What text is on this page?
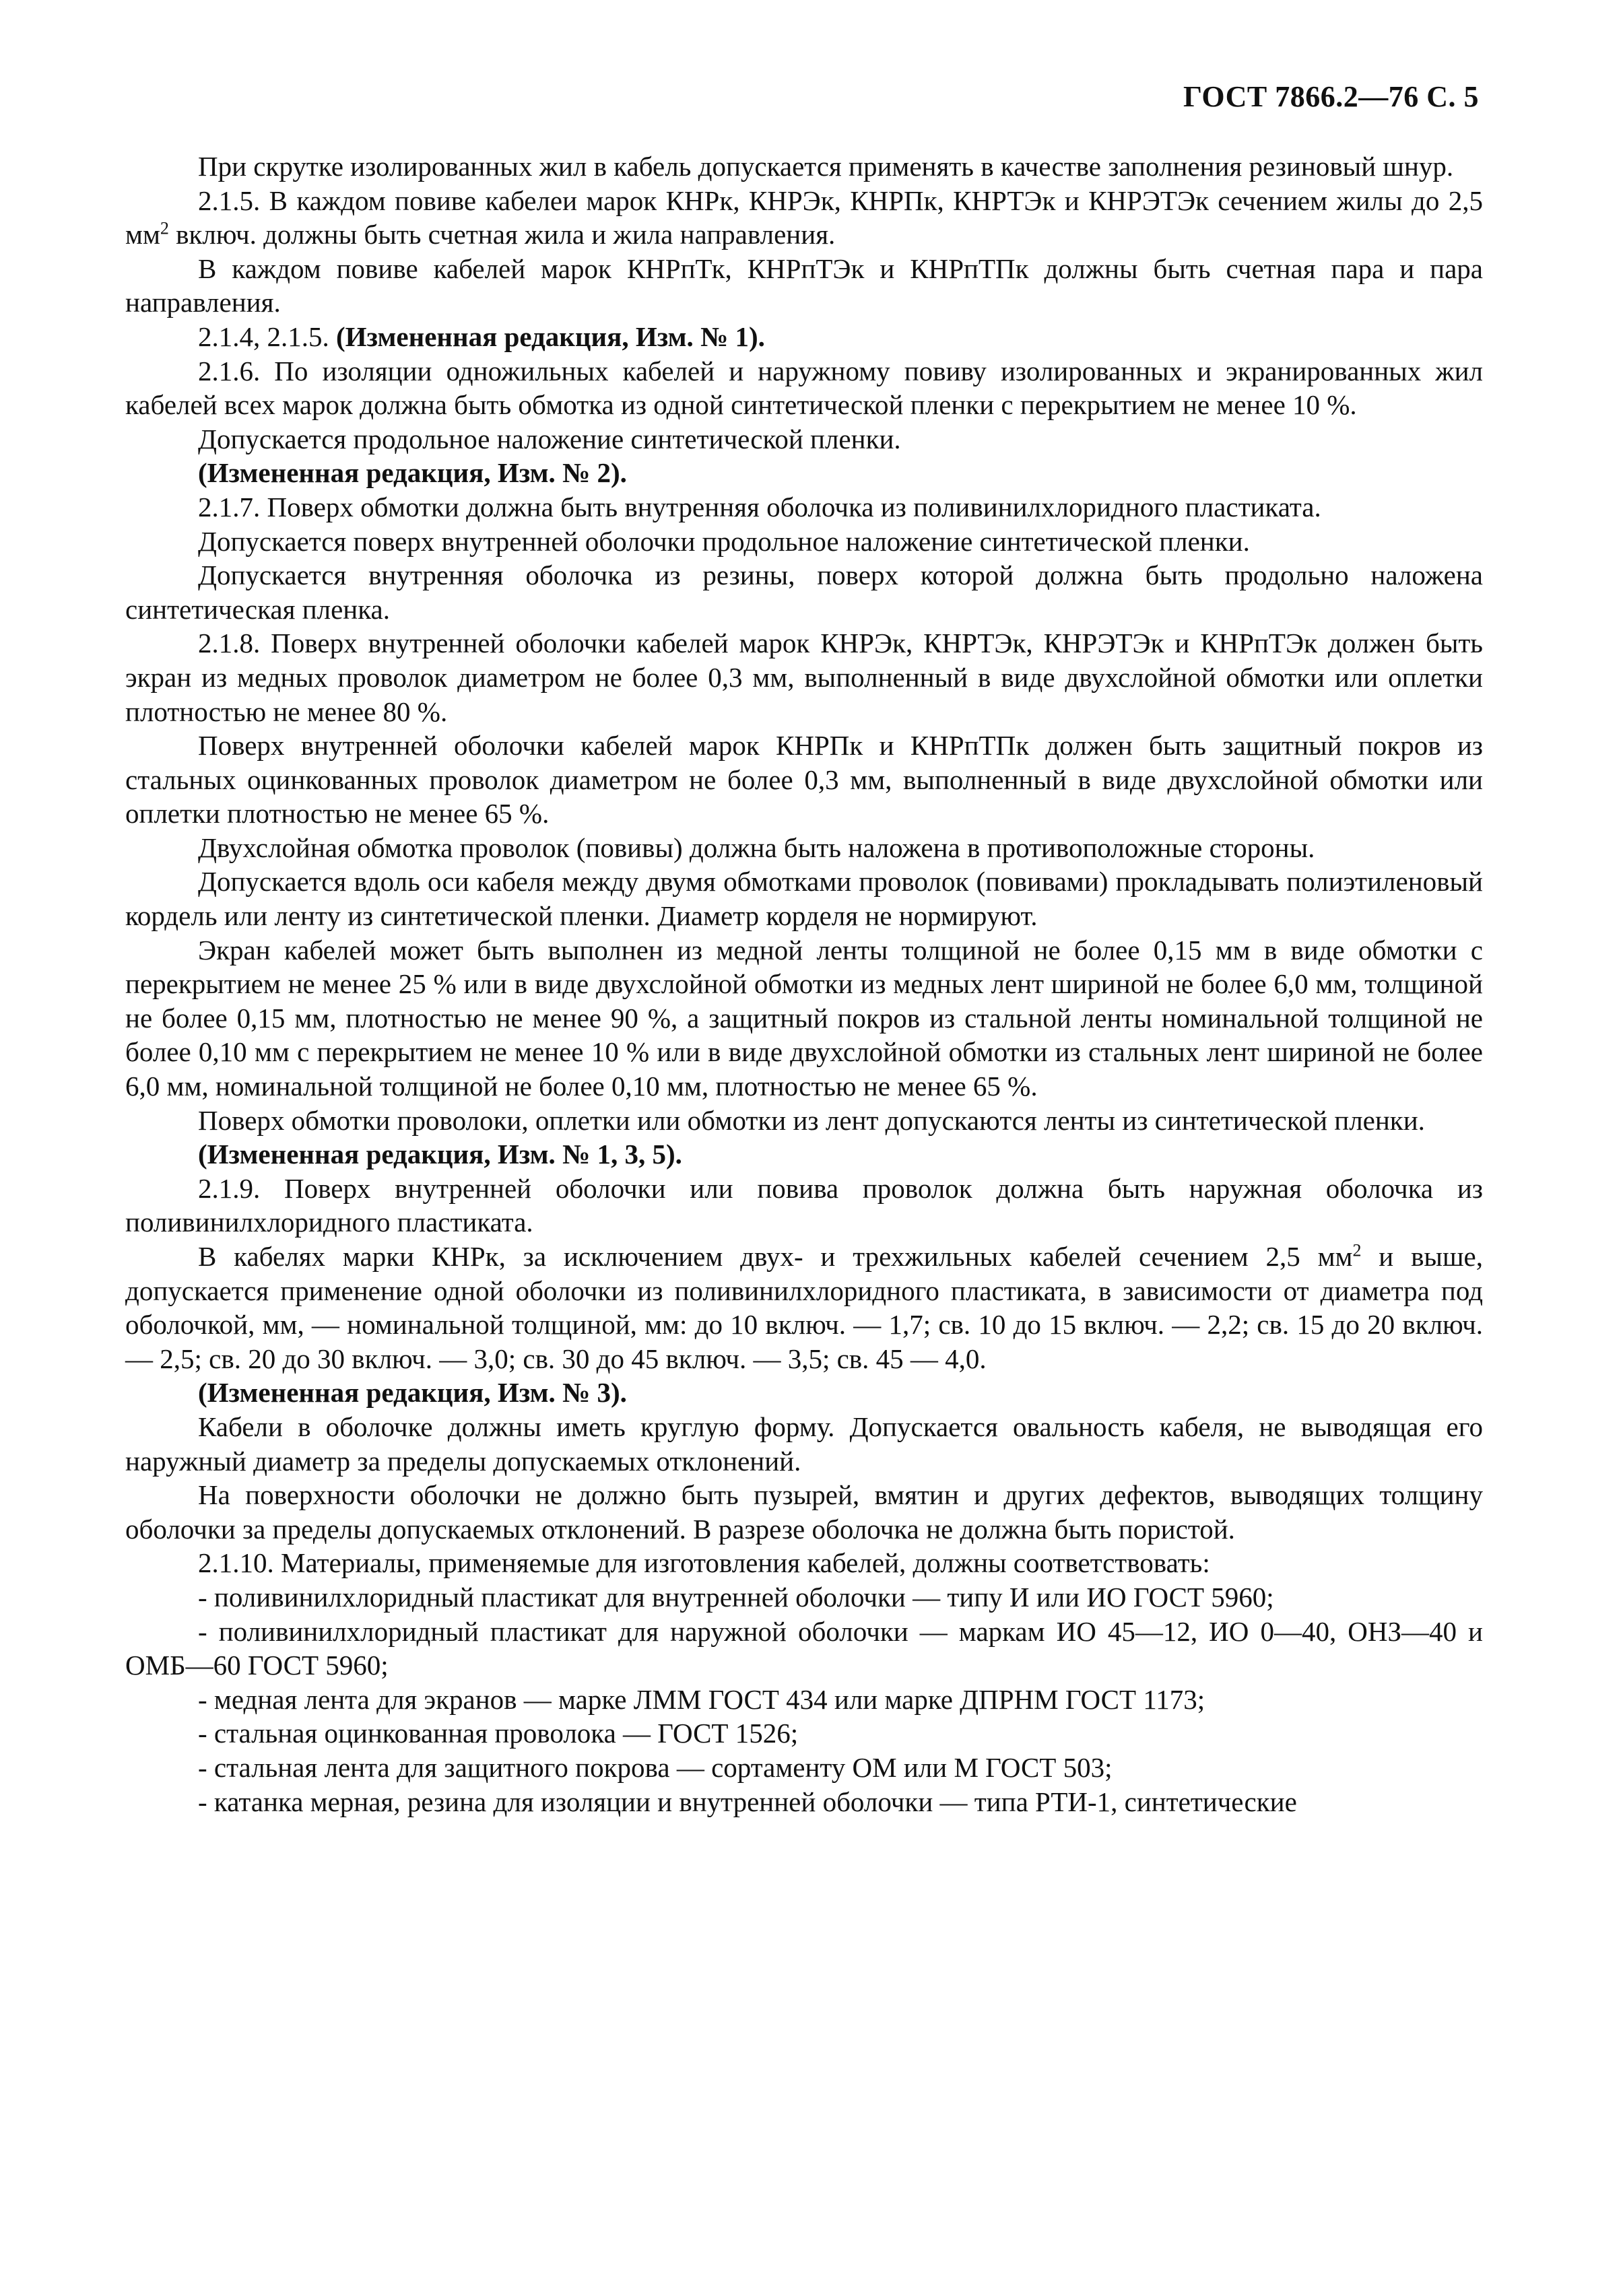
ГОСТ 7866.2—76 С. 5

При скрутке изолированных жил в кабель допускается применять в качестве заполнения резиновый шнур.

2.1.5. В каждом повиве кабелеи марок КНРк, КНРЭк, КНРПк, КНРТЭк и КНРЭТЭк сечением жилы до 2,5 $мм^2$ включ. должны быть счетная жила и жила направления.

В каждом повиве кабелей марок КНРпТк, КНРпТЭк и КНРпТПк должны быть счетная пара и пара направления.

2.1.4, 2.1.5. (Измененная редакция, Изм. № 1).

2.1.6. По изоляции одножильных кабелей и наружному повиву изолированных и экранированных жил кабелей всех марок должна быть обмотка из одной синтетической пленки с перекрытием не менее 10 %.

Допускается продольное наложение синтетической пленки.

(Измененная редакция, Изм. № 2).

2.1.7. Поверх обмотки должна быть внутренняя оболочка из поливинилхлоридного пластиката.

Допускается поверх внутренней оболочки продольное наложение синтетической пленки.

Допускается внутренняя оболочка из резины, поверх которой должна быть продольно наложена синтетическая пленка.

2.1.8. Поверх внутренней оболочки кабелей марок КНРЭк, КНРТЭк, КНРЭТЭк и КНРпТЭк должен быть экран из медных проволок диаметром не более 0,3 мм, выполненный в виде двухслойной обмотки или оплетки плотностью не менее 80 %.

Поверх внутренней оболочки кабелей марок КНРПк и КНРпТПк должен быть защитный покров из стальных оцинкованных проволок диаметром не более 0,3 мм, выполненный в виде двухслойной обмотки или оплетки плотностью не менее 65 %.

Двухслойная обмотка проволок (повивы) должна быть наложена в противоположные стороны.

Допускается вдоль оси кабеля между двумя обмотками проволок (повивами) прокладывать полиэтиленовый кордель или ленту из синтетической пленки. Диаметр корделя не нормируют.

Экран кабелей может быть выполнен из медной ленты толщиной не более 0,15 мм в виде обмотки с перекрытием не менее 25 % или в виде двухслойной обмотки из медных лент шириной не более 6,0 мм, толщиной не более 0,15 мм, плотностью не менее 90 %, а защитный покров из стальной ленты номинальной толщиной не более 0,10 мм с перекрытием не менее 10 % или в виде двухслойной обмотки из стальных лент шириной не более 6,0 мм, номинальной толщиной не более 0,10 мм, плотностью не менее 65 %.

Поверх обмотки проволоки, оплетки или обмотки из лент допускаются ленты из синтетической пленки.

(Измененная редакция, Изм. № 1, 3, 5).

2.1.9. Поверх внутренней оболочки или повива проволок должна быть наружная оболочка из поливинилхлоридного пластиката.

В кабелях марки КНРк, за исключением двух- и трехжильных кабелей сечением 2,5 $мм^2$ и выше, допускается применение одной оболочки из поливинилхлоридного пластиката, в зависимости от диаметра под оболочкой, мм, — номинальной толщиной, мм: до 10 включ. — 1,7; св. 10 до 15 включ. — 2,2; св. 15 до 20 включ. — 2,5; св. 20 до 30 включ. — 3,0; св. 30 до 45 включ. — 3,5; св. 45 — 4,0.

(Измененная редакция, Изм. № 3).

Кабели в оболочке должны иметь круглую форму. Допускается овальность кабеля, не выводящая его наружный диаметр за пределы допускаемых отклонений.

На поверхности оболочки не должно быть пузырей, вмятин и других дефектов, выводящих толщину оболочки за пределы допускаемых отклонений. В разрезе оболочка не должна быть пористой.

2.1.10. Материалы, применяемые для изготовления кабелей, должны соответствовать:

- поливинилхлоридный пластикат для внутренней оболочки — типу И или ИО ГОСТ 5960;

- поливинилхлоридный пластикат для наружной оболочки — маркам ИО 45—12, ИО 0—40, ОНЗ—40 и ОМБ—60 ГОСТ 5960;

- медная лента для экранов — марке ЛММ ГОСТ 434 или марке ДПРНМ ГОСТ 1173;

- стальная оцинкованная проволока — ГОСТ 1526;

- стальная лента для защитного покрова — сортаменту ОМ или М ГОСТ 503;

- катанка мерная, резина для изоляции и внутренней оболочки — типа РТИ-1, синтетические
